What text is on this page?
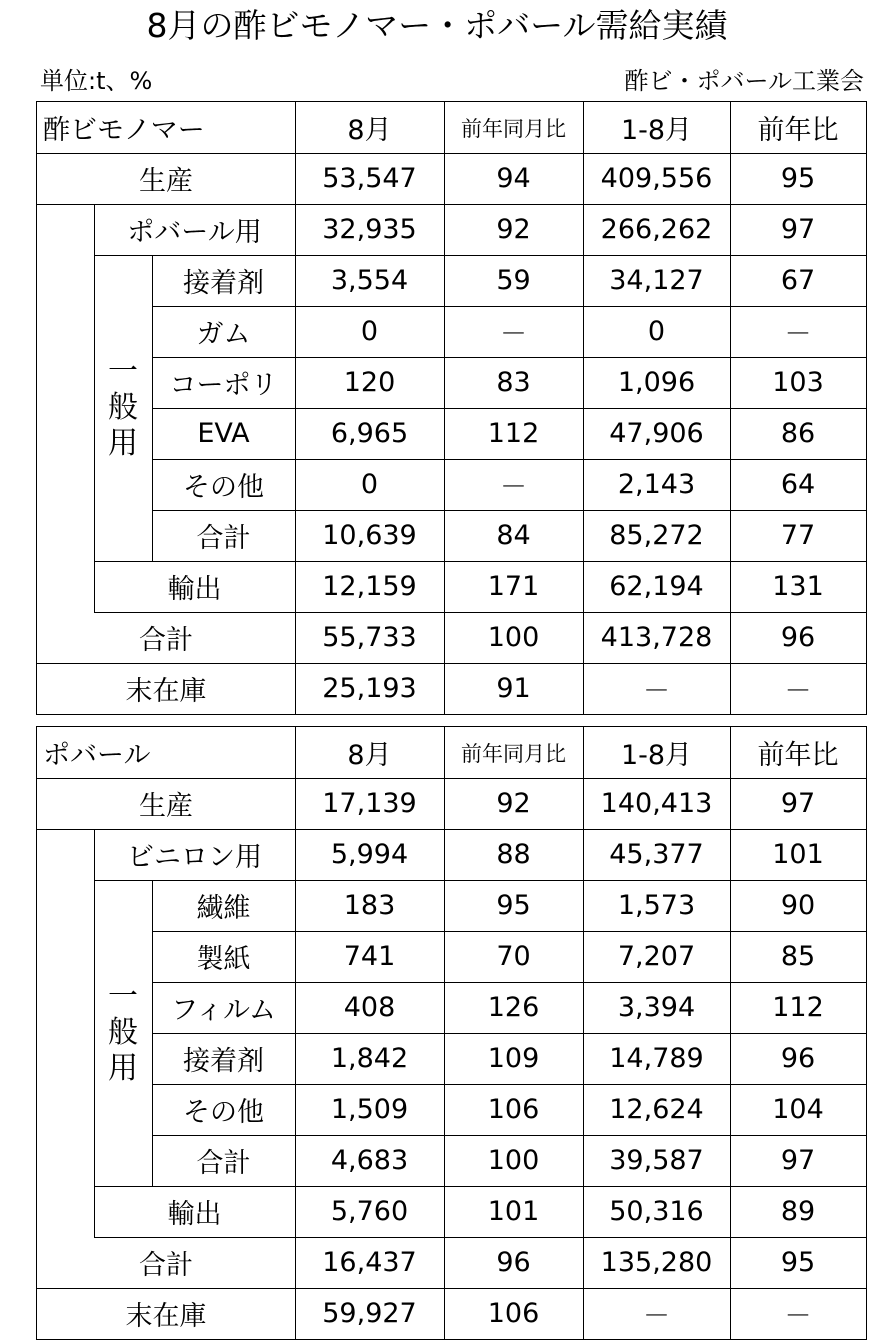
8月の酢ビモノマー・ポバール需給実績
単位:t、%	酢ビ・ポバール工業会
酢ビモノマー	8月	前年同月比	1-8月	前年比
一
般
用
生産	53,547	94	409,556	95
ポバール用	32,935	92	266,262	97
接着剤	3,554	59	34,127	67
ガム	0	－	0	－
コーポリ	120	83	1,096	103
EVA	6,965	112	47,906	86
その他	0	－	2,143	64
合計	10,639	84	85,272	77
輸出	12,159	171	62,194	131
合計	55,733	100	413,728	96
末在庫	25,193	91	－	－
ポバール	8月	前年同月比	1-8月	前年比
一
般
用
生産	17,139	92	140,413	97
ビニロン用	5,994	88	45,377	101
繊維	183	95	1,573	90
製紙	741	70	7,207	85
フィルム	408	126	3,394	112
接着剤	1,842	109	14,789	96
その他	1,509	106	12,624	104
合計	4,683	100	39,587	97
輸出	5,760	101	50,316	89
合計	16,437	96	135,280	95
末在庫	59,927	106	－	－
